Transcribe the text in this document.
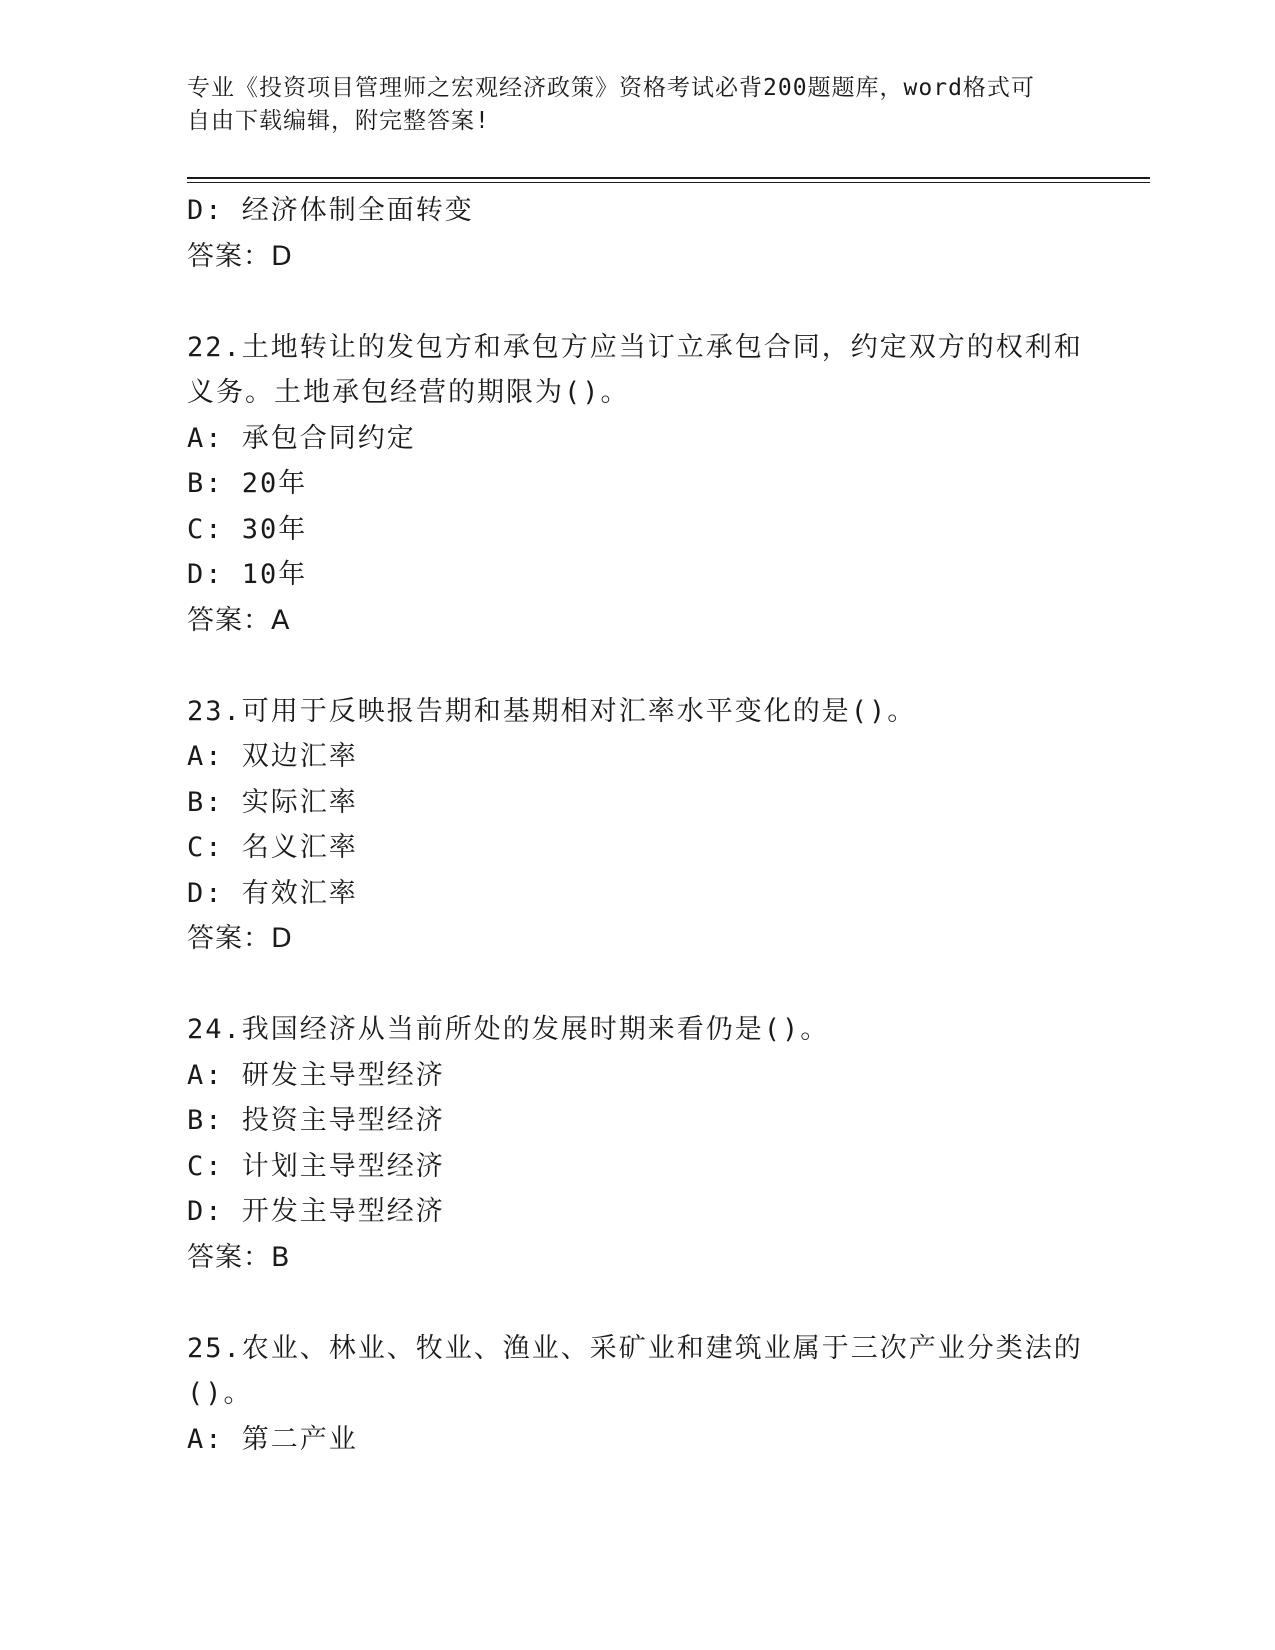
专业《投资项目管理师之宏观经济政策》资格考试必背200题题库，word格式可
自由下载编辑，附完整答案!
D: 经济体制全面转变
答案：D
22.土地转让的发包方和承包方应当订立承包合同，约定双方的权利和
义务。土地承包经营的期限为()。
A: 承包合同约定
B: 20年
C: 30年
D: 10年
答案：A
23.可用于反映报告期和基期相对汇率水平变化的是()。
A: 双边汇率
B: 实际汇率
C: 名义汇率
D: 有效汇率
答案：D
24.我国经济从当前所处的发展时期来看仍是()。
A: 研发主导型经济
B: 投资主导型经济
C: 计划主导型经济
D: 开发主导型经济
答案：B
25.农业、林业、牧业、渔业、采矿业和建筑业属于三次产业分类法的
()。
A: 第二产业
